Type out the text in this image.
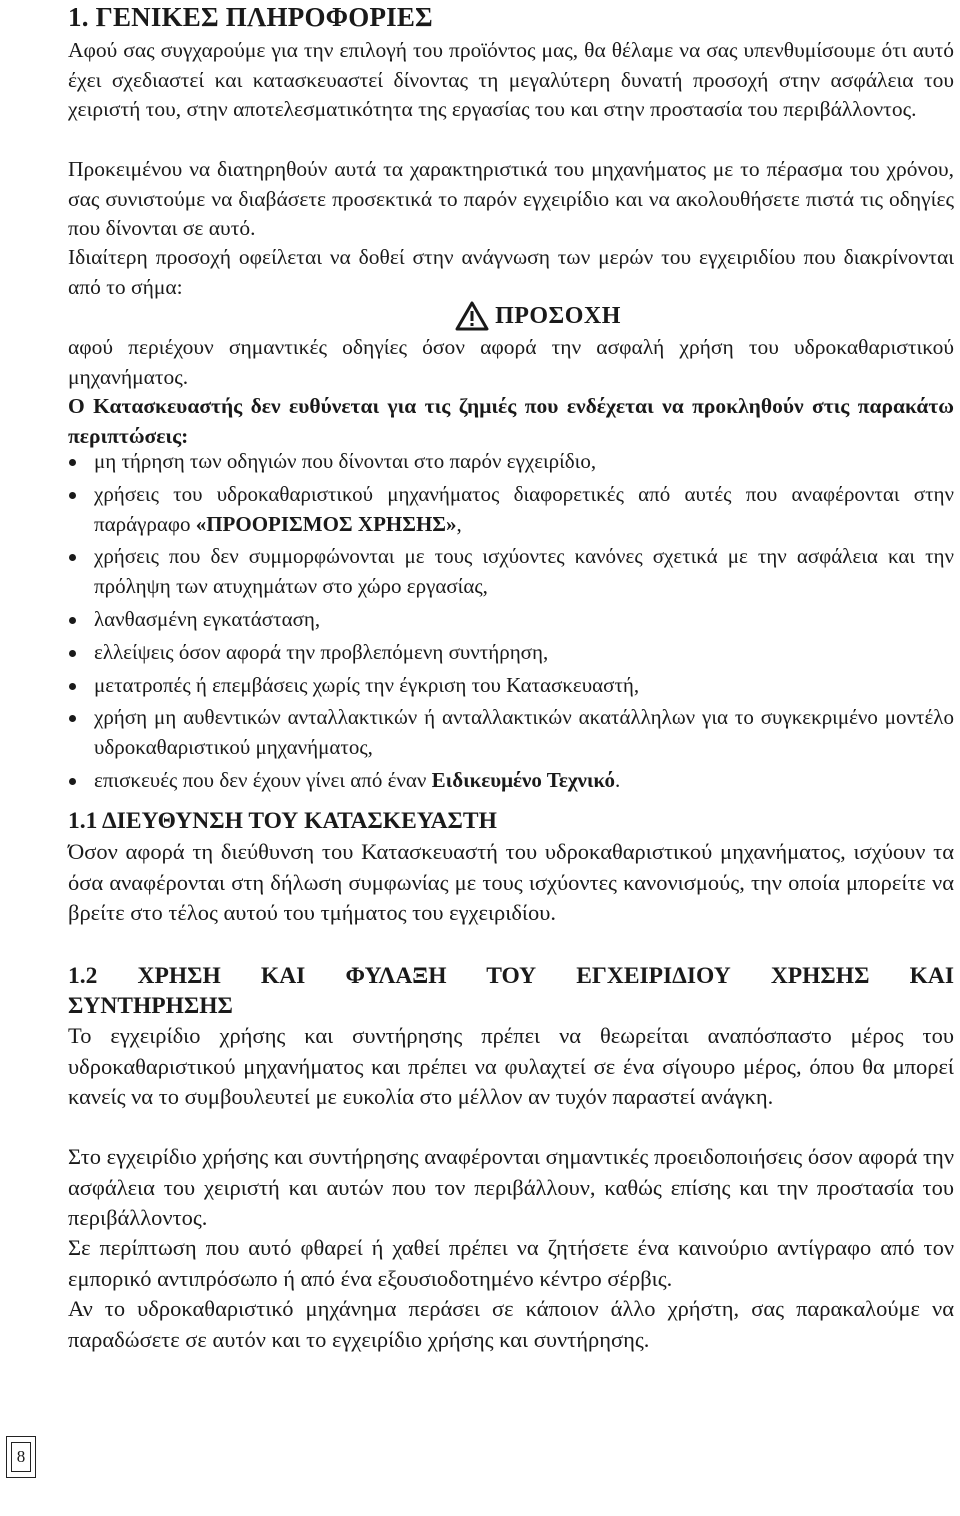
1. ΓΕΝΙΚΕΣ ΠΛΗΡΟΦΟΡΙΕΣ

Αφού σας συγχαρούμε για την επιλογή του προϊόντος μας, θα θέλαμε να σας υπενθυμίσουμε ότι αυτό έχει σχεδιαστεί και κατασκευαστεί δίνοντας τη μεγαλύτερη δυνατή προσοχή στην ασφάλεια του χειριστή του, στην αποτελεσματικότητα της εργασίας του και στην προστασία του περιβάλλοντος.

Προκειμένου να διατηρηθούν αυτά τα χαρακτηριστικά του μηχανήματος με το πέρασμα του χρόνου, σας συνιστούμε να διαβάσετε προσεκτικά το παρόν εγχειρίδιο και να ακολουθήσετε πιστά τις οδηγίες που δίνονται σε αυτό.

Ιδιαίτερη προσοχή οφείλεται να δοθεί στην ανάγνωση των μερών του εγχειριδίου που διακρίνονται από το σήμα:

ΠΡΟΣΟΧΗ

αφού περιέχουν σημαντικές οδηγίες όσον αφορά την ασφαλή χρήση του υδροκαθαριστικού μηχανήματος.

Ο Κατασκευαστής δεν ευθύνεται για τις ζημιές που ενδέχεται να προκληθούν στις παρακάτω περιπτώσεις:

μη τήρηση των οδηγιών που δίνονται στο παρόν εγχειρίδιο,
χρήσεις του υδροκαθαριστικού μηχανήματος διαφορετικές από αυτές που αναφέρονται στην παράγραφο «ΠΡΟΟΡΙΣΜΟΣ ΧΡΗΣΗΣ»,
χρήσεις που δεν συμμορφώνονται με τους ισχύοντες κανόνες σχετικά με την ασφάλεια και την πρόληψη των ατυχημάτων στο χώρο εργασίας,
λανθασμένη εγκατάσταση,
ελλείψεις όσον αφορά την προβλεπόμενη συντήρηση,
μετατροπές ή επεμβάσεις χωρίς την έγκριση του Κατασκευαστή,
χρήση μη αυθεντικών ανταλλακτικών ή ανταλλακτικών ακατάλληλων για το συγκεκριμένο μοντέλο υδροκαθαριστικού μηχανήματος,
επισκευές που δεν έχουν γίνει από έναν Ειδικευμένο Τεχνικό.
1.1 ΔΙΕΥΘΥΝΣΗ ΤΟΥ ΚΑΤΑΣΚΕΥΑΣΤΗ

Όσον αφορά τη διεύθυνση του Κατασκευαστή του υδροκαθαριστικού μηχανήματος, ισχύουν τα όσα αναφέρονται στη δήλωση συμφωνίας με τους ισχύοντες κανονισμούς, την οποία μπορείτε να βρείτε στο τέλος αυτού του τμήματος του εγχειριδίου.

1.2 ΧΡΗΣΗ ΚΑΙ ΦΥΛΑΞΗ ΤΟΥ ΕΓΧΕΙΡΙΔΙΟΥ ΧΡΗΣΗΣ ΚΑΙ
ΣΥΝΤΗΡΗΣΗΣ

Το εγχειρίδιο χρήσης και συντήρησης πρέπει να θεωρείται αναπόσπαστο μέρος του υδροκαθαριστικού μηχανήματος και πρέπει να φυλαχτεί σε ένα σίγουρο μέρος, όπου θα μπορεί κανείς να το συμβουλευτεί με ευκολία στο μέλλον αν τυχόν παραστεί ανάγκη.

Στο εγχειρίδιο χρήσης και συντήρησης αναφέρονται σημαντικές προειδοποιήσεις όσον αφορά την ασφάλεια του χειριστή και αυτών που τον περιβάλλουν, καθώς επίσης και την προστασία του περιβάλλοντος.

Σε περίπτωση που αυτό φθαρεί ή χαθεί πρέπει να ζητήσετε ένα καινούριο αντίγραφο από τον εμπορικό αντιπρόσωπο ή από ένα εξουσιοδοτημένο κέντρο σέρβις.

Αν το υδροκαθαριστικό μηχάνημα περάσει σε κάποιον άλλο χρήστη, σας παρακαλούμε να παραδώσετε σε αυτόν και το εγχειρίδιο χρήσης και συντήρησης.

8
